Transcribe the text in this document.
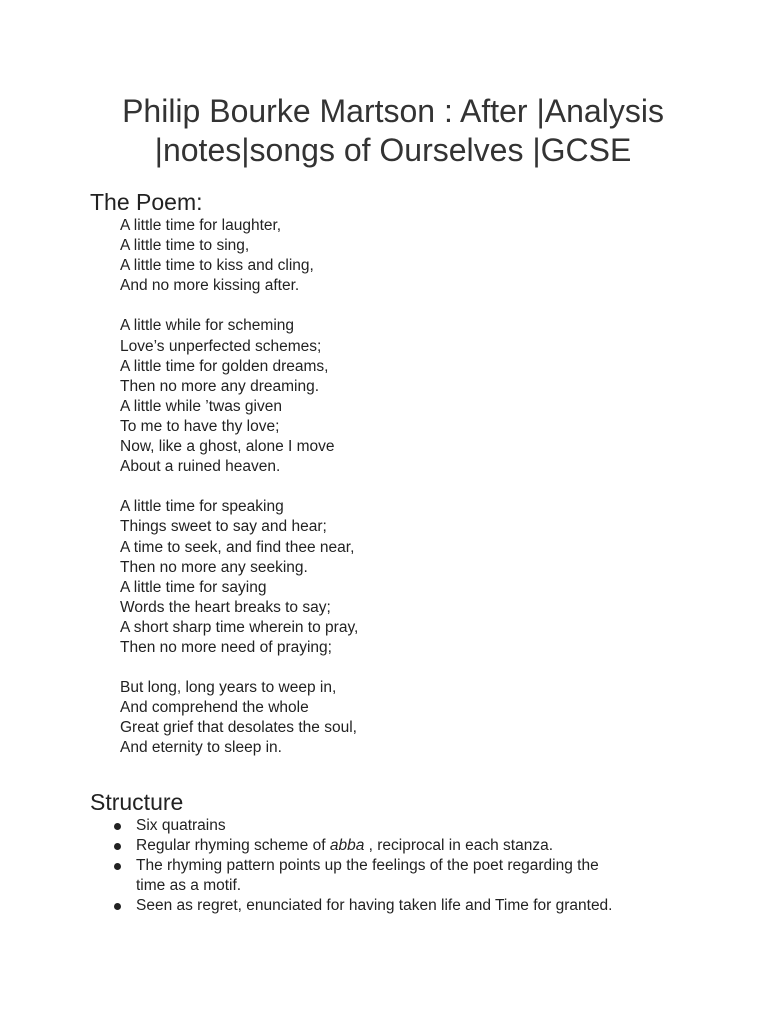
Philip Bourke Martson : After |Analysis
|notes|songs of Ourselves |GCSE
The Poem:
A little time for laughter,
A little time to sing,
A little time to kiss and cling,
And no more kissing after.
A little while for scheming
Love’s unperfected schemes;
A little time for golden dreams,
Then no more any dreaming.
A little while ’twas given
To me to have thy love;
Now, like a ghost, alone I move
About a ruined heaven.
A little time for speaking
Things sweet to say and hear;
A time to seek, and find thee near,
Then no more any seeking.
A little time for saying
Words the heart breaks to say;
A short sharp time wherein to pray,
Then no more need of praying;
But long, long years to weep in,
And comprehend the whole
Great grief that desolates the soul,
And eternity to sleep in.
Structure
Six quatrains
Regular rhyming scheme of abba , reciprocal in each stanza.
The rhyming pattern points up the feelings of the poet regarding the
time as a motif.
Seen as regret, enunciated for having taken life and Time for granted.
